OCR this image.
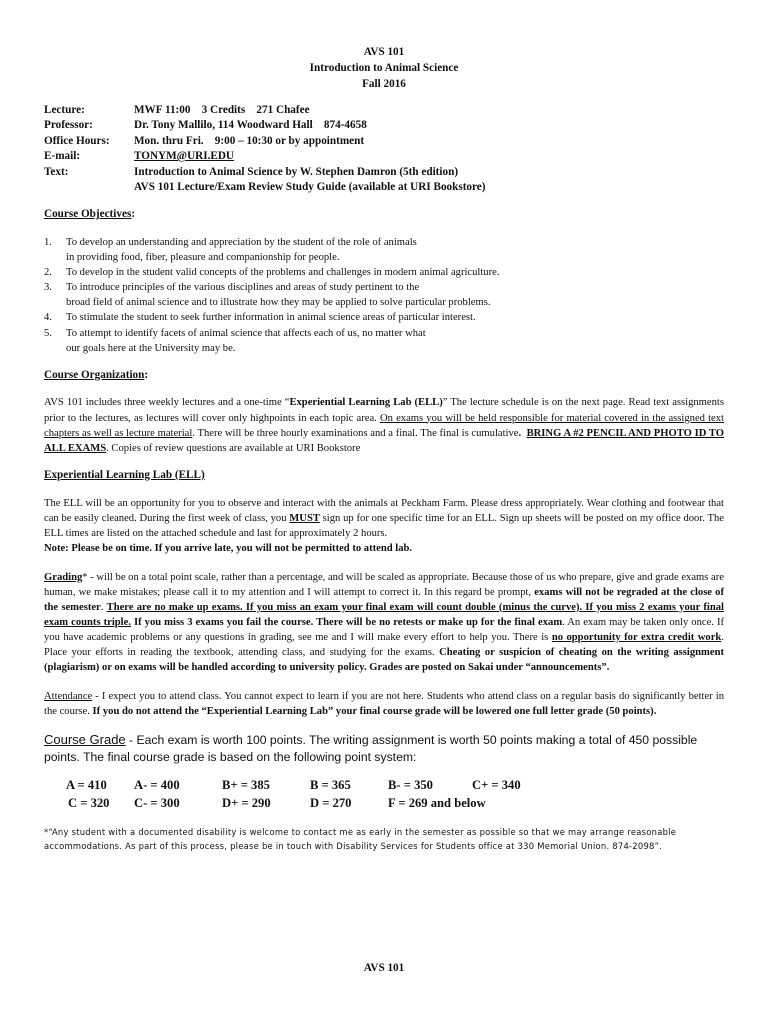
AVS 101
Introduction to Animal Science
Fall 2016
Lecture:	MWF 11:00    3 Credits    271 Chafee
Professor:	Dr. Tony Mallilo, 114 Woodward Hall    874-4658
Office Hours:	Mon. thru Fri.    9:00 – 10:30 or by appointment
E-mail:	TONYM@URI.EDU
Text:	Introduction to Animal Science by W. Stephen Damron (5th edition)
AVS 101 Lecture/Exam Review Study Guide (available at URI Bookstore)
Course Objectives:
1.	To develop an understanding and appreciation by the student of the role of animals
in providing food, fiber, pleasure and companionship for people.
2.	To develop in the student valid concepts of the problems and challenges in modern animal agriculture.
3.	To introduce principles of the various disciplines and areas of study pertinent to the
broad field of animal science and to illustrate how they may be applied to solve particular problems.
4.	To stimulate the student to seek further information in animal science areas of particular interest.
5.	To attempt to identify facets of animal science that affects each of us, no matter what
our goals here at the University may be.
Course Organization:

AVS 101 includes three weekly lectures and a one-time “Experiential Learning Lab (ELL)” The lecture schedule is on the next page. Read text assignments prior to the lectures, as lectures will cover only highpoints in each topic area. On exams you will be held responsible for material covered in the assigned text chapters as well as lecture material. There will be three hourly examinations and a final. The final is cumulative.  BRING A #2 PENCIL AND PHOTO ID TO ALL EXAMS. Copies of review questions are available at URI Bookstore

Experiential Learning Lab (ELL)

The ELL will be an opportunity for you to observe and interact with the animals at Peckham Farm. Please dress appropriately. Wear clothing and footwear that can be easily cleaned. During the first week of class, you MUST sign up for one specific time for an ELL. Sign up sheets will be posted on my office door. The ELL times are listed on the attached schedule and last for approximately 2 hours.
Note: Please be on time. If you arrive late, you will not be permitted to attend lab.

Grading* - will be on a total point scale, rather than a percentage, and will be scaled as appropriate. Because those of us who prepare, give and grade exams are human, we make mistakes; please call it to my attention and I will attempt to correct it. In this regard be prompt, exams will not be regraded at the close of the semester. There are no make up exams. If you miss an exam your final exam will count double (minus the curve). If you miss 2 exams your final exam counts triple. If you miss 3 exams you fail the course. There will be no retests or make up for the final exam. An exam may be taken only once. If you have academic problems or any questions in grading, see me and I will make every effort to help you. There is no opportunity for extra credit work. Place your efforts in reading the textbook, attending class, and studying for the exams. Cheating or suspicion of cheating on the writing assignment (plagiarism) or on exams will be handled according to university policy. Grades are posted on Sakai under “announcements”.

Attendance - I expect you to attend class. You cannot expect to learn if you are not here. Students who attend class on a regular basis do significantly better in the course. If you do not attend the “Experiential Learning Lab” your final course grade will be lowered one full letter grade (50 points).

Course Grade - Each exam is worth 100 points. The writing assignment is worth 50 points making a total of 450 possible points. The final course grade is based on the following point system:

A = 410	A- = 400	B+ = 385	B = 365	B- = 350	C+ = 340
C = 320	C- = 300	D+ = 290	D = 270	F = 269 and below
*“Any student with a documented disability is welcome to contact me as early in the semester as possible so that we may arrange reasonable accommodations. As part of this process, please be in touch with Disability Services for Students office at 330 Memorial Union. 874-2098”.
AVS 101
